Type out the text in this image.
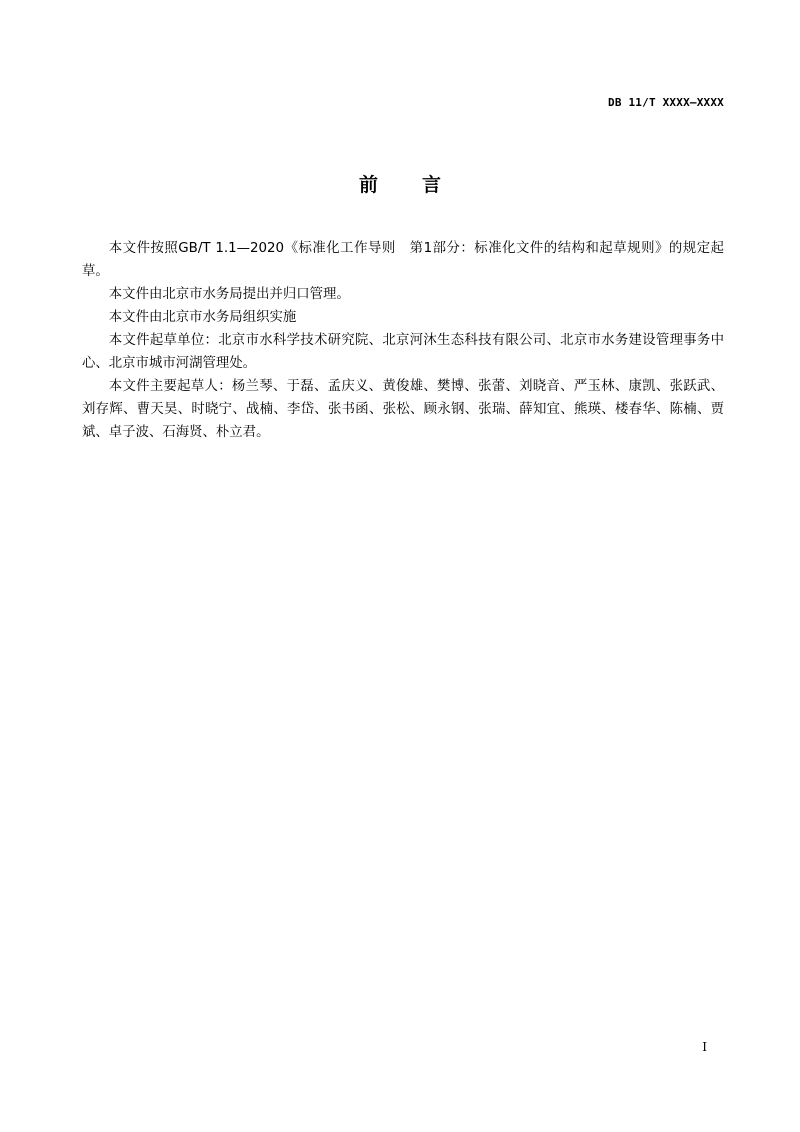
DB 11/T XXXX—XXXX
前言

本文件按照GB/T 1.1—2020《标准化工作导则　第1部分：标准化文件的结构和起草规则》的规定起草。

本文件由北京市水务局提出并归口管理。

本文件由北京市水务局组织实施

本文件起草单位：北京市水科学技术研究院、北京河沐生态科技有限公司、北京市水务建设管理事务中心、北京市城市河湖管理处。

本文件主要起草人：杨兰琴、于磊、孟庆义、黄俊雄、樊博、张蕾、刘晓音、严玉林、康凯、张跃武、刘存辉、曹天昊、时晓宁、战楠、李岱、张书函、张松、顾永钢、张瑞、薛知宜、熊瑛、楼春华、陈楠、贾斌、卓子波、石海贤、朴立君。

I
